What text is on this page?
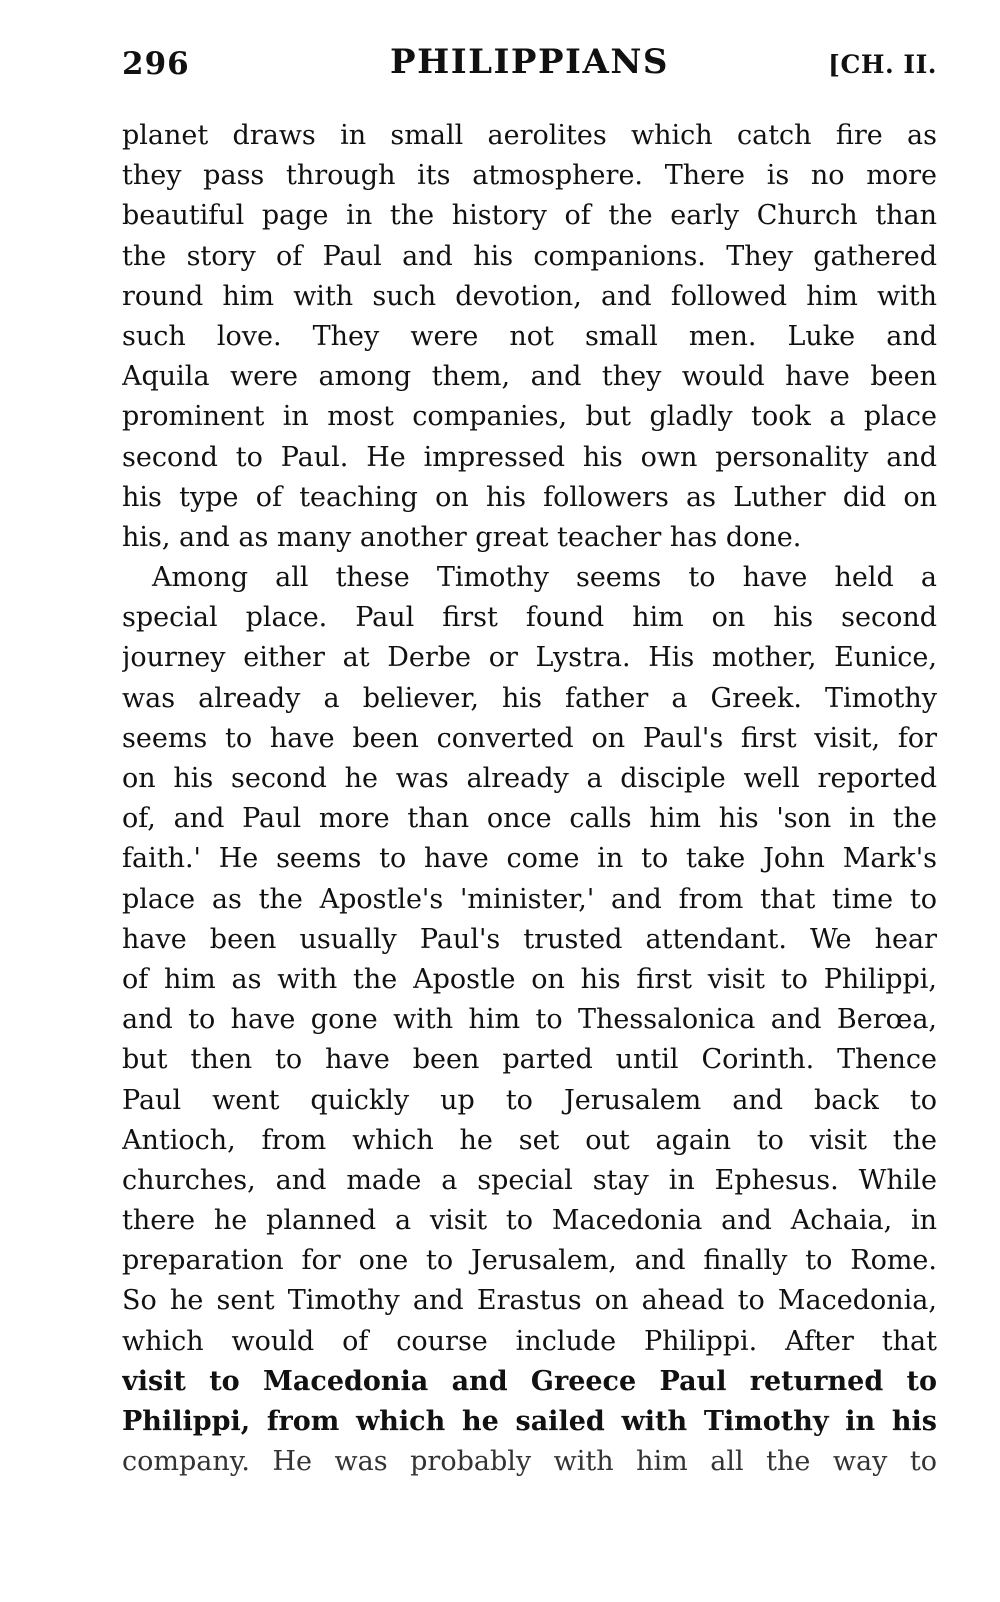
296	PHILIPPIANS	[CH. II.
planet draws in small aerolites which catch fire as
they pass through its atmosphere. There is no more
beautiful page in the history of the early Church than
the story of Paul and his companions. They gathered
round him with such devotion, and followed him with
such love. They were not small men. Luke and
Aquila were among them, and they would have been
prominent in most companies, but gladly took a place
second to Paul. He impressed his own personality and
his type of teaching on his followers as Luther did on
his, and as many another great teacher has done.
Among all these Timothy seems to have held a
special place. Paul first found him on his second
journey either at Derbe or Lystra. His mother, Eunice,
was already a believer, his father a Greek. Timothy
seems to have been converted on Paul's first visit, for
on his second he was already a disciple well reported
of, and Paul more than once calls him his 'son in the
faith.' He seems to have come in to take John Mark's
place as the Apostle's 'minister,' and from that time to
have been usually Paul's trusted attendant. We hear
of him as with the Apostle on his first visit to Philippi,
and to have gone with him to Thessalonica and Berœa,
but then to have been parted until Corinth. Thence
Paul went quickly up to Jerusalem and back to
Antioch, from which he set out again to visit the
churches, and made a special stay in Ephesus. While
there he planned a visit to Macedonia and Achaia, in
preparation for one to Jerusalem, and finally to Rome.
So he sent Timothy and Erastus on ahead to Macedonia,
which would of course include Philippi. After that
visit to Macedonia and Greece Paul returned to
Philippi, from which he sailed with Timothy in his
company. He was probably with him all the way to
